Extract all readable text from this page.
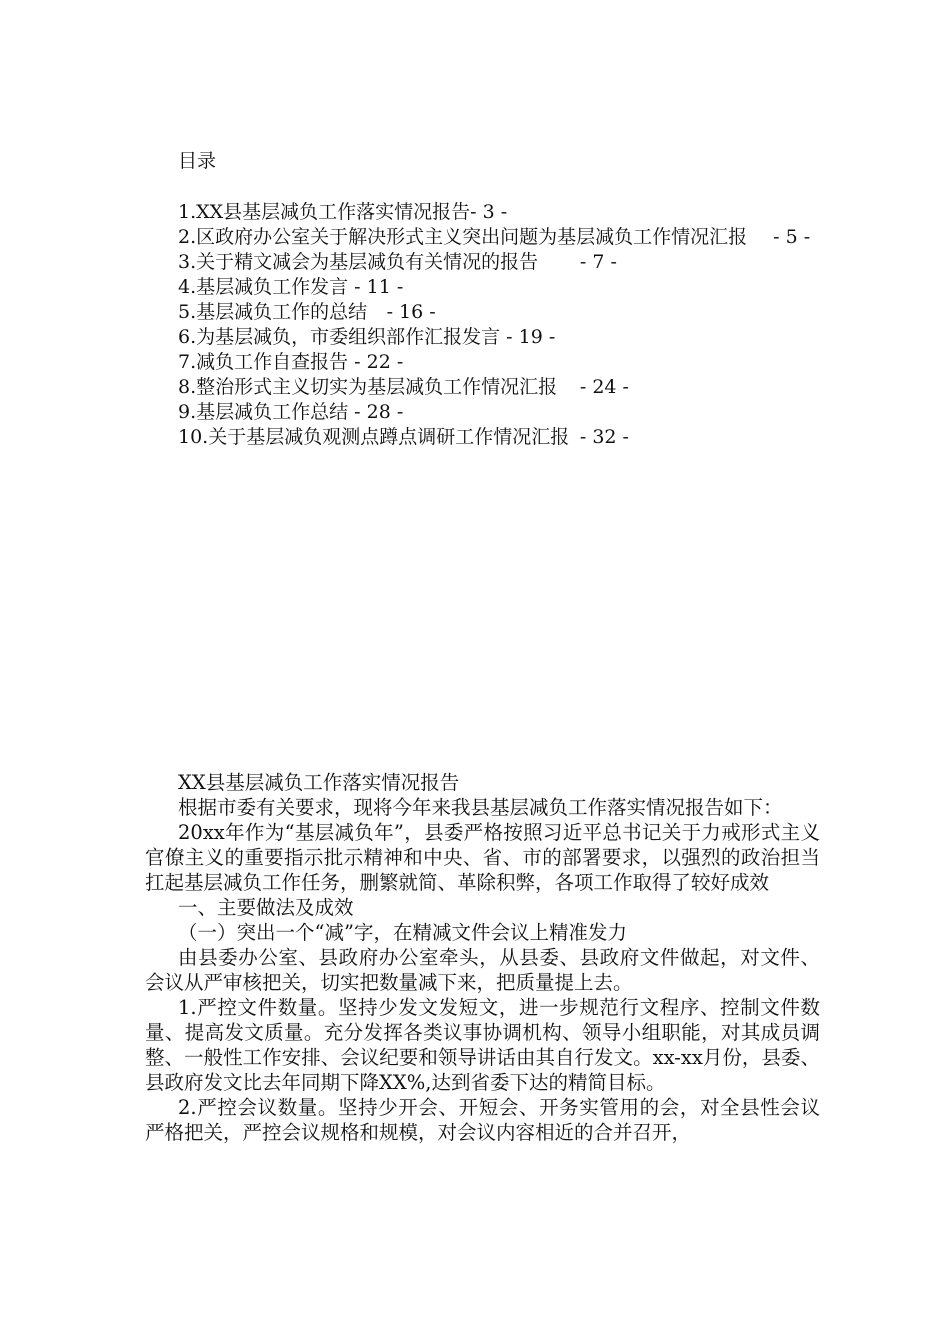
目录
1.XX县基层减负工作落实情况报告- 3 -
2.区政府办公室关于解决形式主义突出问题为基层减负工作情况汇报	- 5 -
3.关于精文减会为基层减负有关情况的报告	- 7 -
4.基层减负工作发言 - 11 -
5.基层减负工作的总结	- 16 -
6.为基层减负，市委组织部作汇报发言 - 19 -
7.减负工作自查报告 - 22 -
8.整治形式主义切实为基层减负工作情况汇报	- 24 -
9.基层减负工作总结 - 28 -
10.关于基层减负观测点蹲点调研工作情况汇报	- 32 -

XX县基层减负工作落实情况报告

根据市委有关要求，现将今年来我县基层减负工作落实情况报告如下：

20xx年作为“基层减负年”，县委严格按照习近平总书记关于力戒形式主义官僚主义的重要指示批示精神和中央、省、市的部署要求，以强烈的政治担当扛起基层减负工作任务，删繁就简、革除积弊，各项工作取得了较好成效

一、主要做法及成效

（一）突出一个“减”字，在精减文件会议上精准发力

由县委办公室、县政府办公室牵头，从县委、县政府文件做起，对文件、会议从严审核把关，切实把数量减下来，把质量提上去。

1.严控文件数量。坚持少发文发短文，进一步规范行文程序、控制文件数量、提高发文质量。充分发挥各类议事协调机构、领导小组职能，对其成员调整、一般性工作安排、会议纪要和领导讲话由其自行发文。xx-xx月份，县委、县政府发文比去年同期下降XX%,达到省委下达的精简目标。

2.严控会议数量。坚持少开会、开短会、开务实管用的会，对全县性会议严格把关，严控会议规格和规模，对会议内容相近的合并召开，
